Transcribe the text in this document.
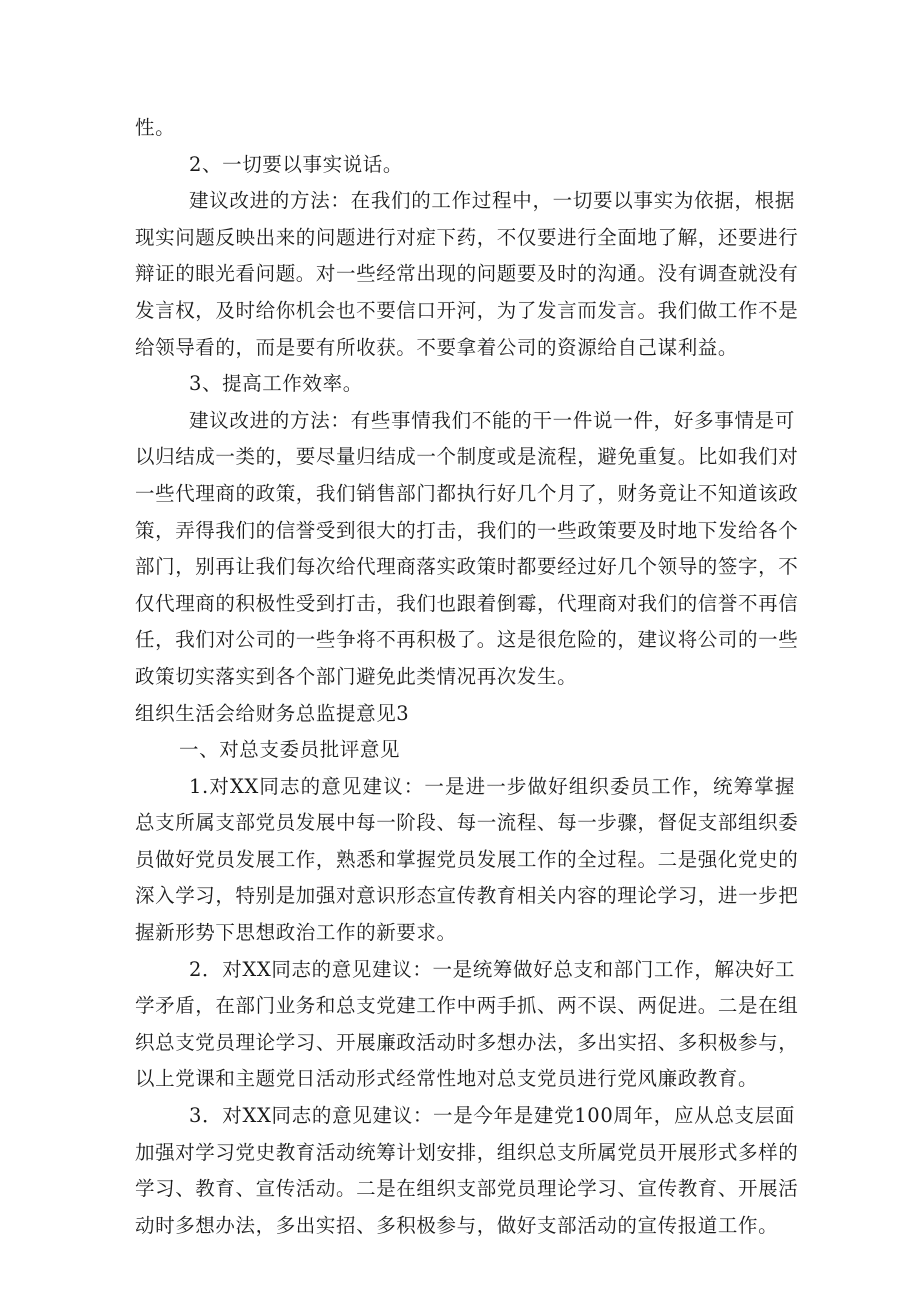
性。
2、一切要以事实说话。
建议改进的方法：在我们的工作过程中，一切要以事实为依据，根据
现实问题反映出来的问题进行对症下药，不仅要进行全面地了解，还要进行
辩证的眼光看问题。对一些经常出现的问题要及时的沟通。没有调查就没有
发言权，及时给你机会也不要信口开河，为了发言而发言。我们做工作不是
给领导看的，而是要有所收获。不要拿着公司的资源给自己谋利益。
3、提高工作效率。
建议改进的方法：有些事情我们不能的干一件说一件，好多事情是可
以归结成一类的，要尽量归结成一个制度或是流程，避免重复。比如我们对
一些代理商的政策，我们销售部门都执行好几个月了，财务竟让不知道该政
策，弄得我们的信誉受到很大的打击，我们的一些政策要及时地下发给各个
部门，别再让我们每次给代理商落实政策时都要经过好几个领导的签字，不
仅代理商的积极性受到打击，我们也跟着倒霉，代理商对我们的信誉不再信
任，我们对公司的一些争将不再积极了。这是很危险的，建议将公司的一些
政策切实落实到各个部门避免此类情况再次发生。
组织生活会给财务总监提意见3
一、对总支委员批评意见
1.对XX同志的意见建议：一是进一步做好组织委员工作，统筹掌握
总支所属支部党员发展中每一阶段、每一流程、每一步骤，督促支部组织委
员做好党员发展工作，熟悉和掌握党员发展工作的全过程。二是强化党史的
深入学习，特别是加强对意识形态宣传教育相关内容的理论学习，进一步把
握新形势下思想政治工作的新要求。
2．对XX同志的意见建议：一是统筹做好总支和部门工作，解决好工
学矛盾，在部门业务和总支党建工作中两手抓、两不误、两促进。二是在组
织总支党员理论学习、开展廉政活动时多想办法，多出实招、多积极参与，
以上党课和主题党日活动形式经常性地对总支党员进行党风廉政教育。
3．对XX同志的意见建议：一是今年是建党100周年，应从总支层面
加强对学习党史教育活动统筹计划安排，组织总支所属党员开展形式多样的
学习、教育、宣传活动。二是在组织支部党员理论学习、宣传教育、开展活
动时多想办法，多出实招、多积极参与，做好支部活动的宣传报道工作。
